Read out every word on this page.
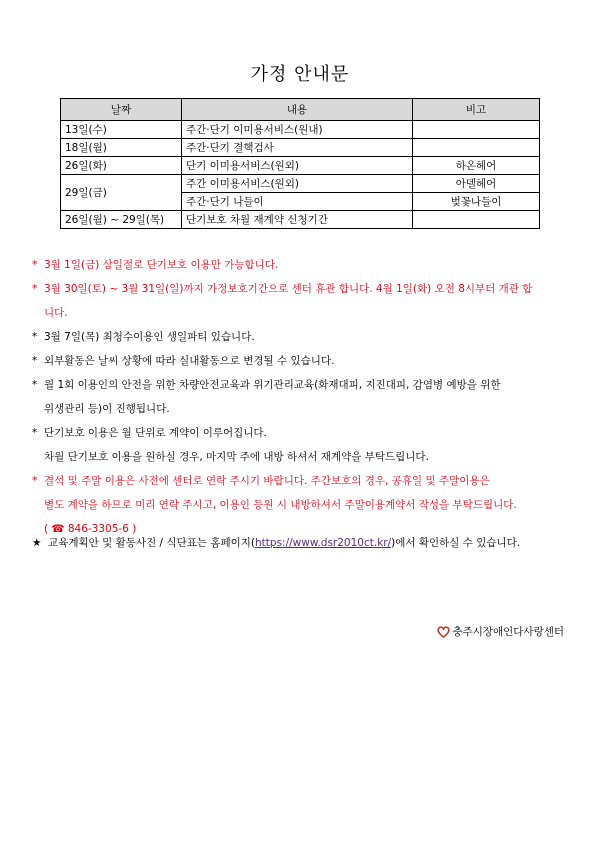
가정 안내문
날짜	내용	비고
13일(수)	주간·단기 이미용서비스(원내)	
18일(월)	주간·단기 결핵검사	
26일(화)	단기 이미용서비스(원외)	하온헤어
29일(금)	주간 이미용서비스(원외)	아델헤어
	주간·단기 나들이	벚꽃나들이
26일(월) ~ 29일(목)	단기보호 차월 재계약 신청기간	
* 3월 1일(금) 삼일절로 단기보호 이용만 가능합니다.
* 3월 30일(토) ~ 3월 31일(일)까지 가정보호기간으로 센터 휴관 합니다. 4월 1일(화) 오전 8시부터 개관 합
니다.
* 3월 7일(목) 최청수이용인 생일파티 있습니다.
* 외부활동은 날씨 상황에 따라 실내활동으로 변경될 수 있습니다.
* 월 1회 이용인의 안전을 위한 차량안전교육과 위기관리교육(화재대피, 지진대피, 감염병 예방을 위한
위생관리 등)이 진행됩니다.
* 단기보호 이용은 월 단위로 계약이 이루어집니다.
차월 단기보호 이용을 원하실 경우, 마지막 주에 내방 하셔서 재계약을 부탁드립니다.
* 결석 및 주말 이용은 사전에 센터로 연락 주시기 바랍니다. 주간보호의 경우, 공휴일 및 주말이용은
별도 계약을 하므로 미리 연락 주시고, 이용인 등원 시 내방하셔서 주말이용계약서 작성을 부탁드립니다.
( ☎ 846-3305-6 )
★ 교육계획안 및 활동사진 / 식단표는 홈페이지(https://www.dsr2010ct.kr/)에서 확인하실 수 있습니다.
충주시장애인다사랑센터
